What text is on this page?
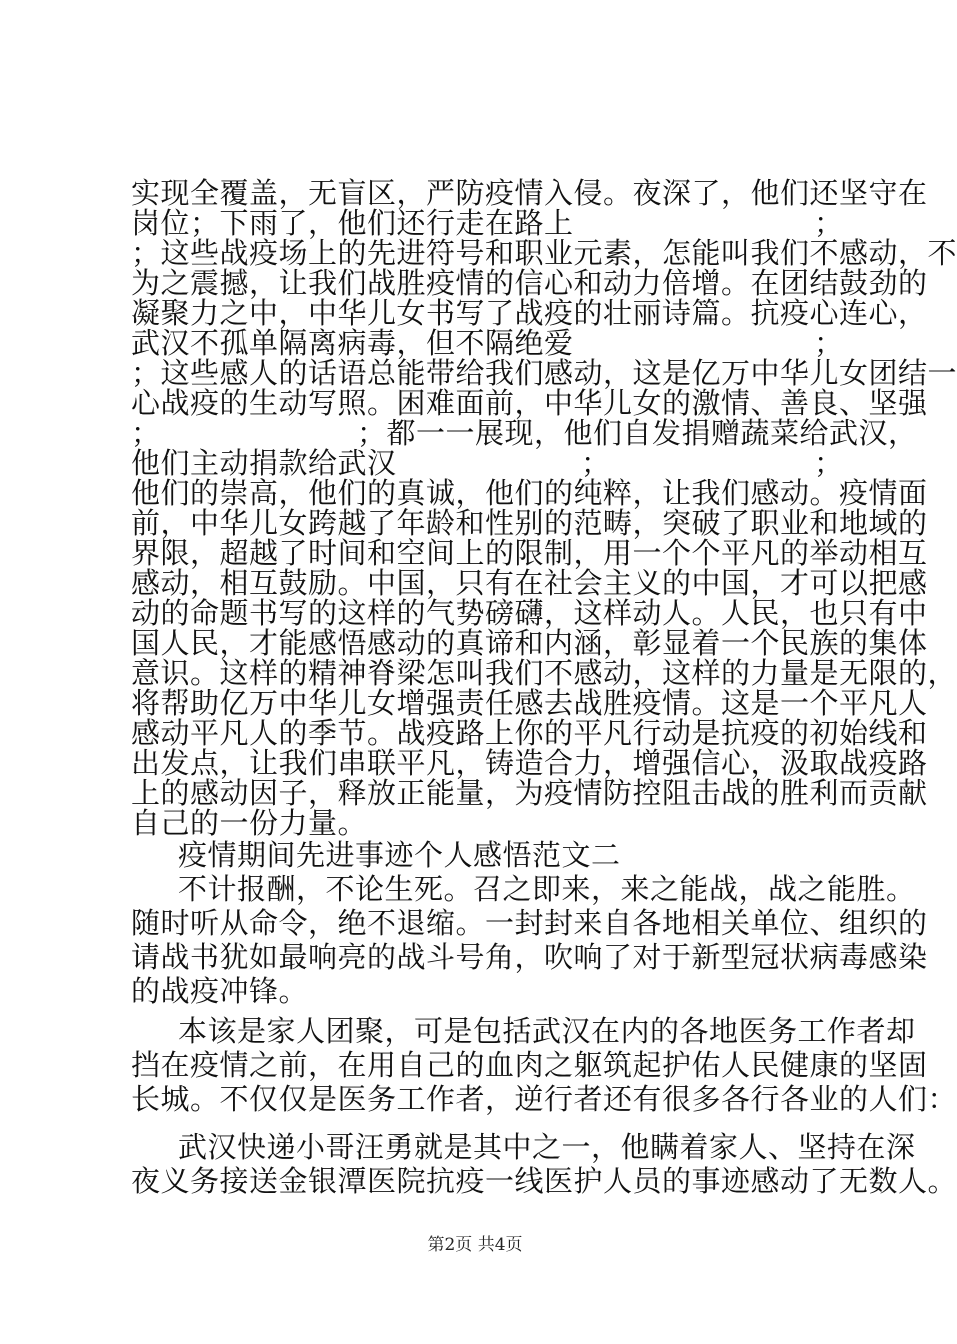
实现全覆盖，无盲区，严防疫情入侵。夜深了，他们还坚守在
岗位；下雨了，他们还行走在路上	；
；这些战疫场上的先进符号和职业元素，怎能叫我们不感动，不
为之震撼，让我们战胜疫情的信心和动力倍增。在团结鼓劲的
凝聚力之中，中华儿女书写了战疫的壮丽诗篇。抗疫心连心，
武汉不孤单隔离病毒，但不隔绝爱	；
；这些感人的话语总能带给我们感动，这是亿万中华儿女团结一
心战疫的生动写照。困难面前，中华儿女的激情、善良、坚强
；	；都一一展现，他们自发捐赠蔬菜给武汉，
他们主动捐款给武汉	；	；
他们的崇高，他们的真诚，他们的纯粹，让我们感动。疫情面
前，中华儿女跨越了年龄和性别的范畴，突破了职业和地域的
界限，超越了时间和空间上的限制，用一个个平凡的举动相互
感动，相互鼓励。中国，只有在社会主义的中国，才可以把感
动的命题书写的这样的气势磅礴，这样动人。人民，也只有中
国人民，才能感悟感动的真谛和内涵，彰显着一个民族的集体
意识。这样的精神脊梁怎叫我们不感动，这样的力量是无限的，
将帮助亿万中华儿女增强责任感去战胜疫情。这是一个平凡人
感动平凡人的季节。战疫路上你的平凡行动是抗疫的初始线和
出发点，让我们串联平凡，铸造合力，增强信心，汲取战疫路
上的感动因子，释放正能量，为疫情防控阻击战的胜利而贡献
自己的一份力量。
疫情期间先进事迹个人感悟范文二
不计报酬，不论生死。召之即来，来之能战，战之能胜。
随时听从命令，绝不退缩。一封封来自各地相关单位、组织的
请战书犹如最响亮的战斗号角，吹响了对于新型冠状病毒感染
的战疫冲锋。
本该是家人团聚，可是包括武汉在内的各地医务工作者却
挡在疫情之前，在用自己的血肉之躯筑起护佑人民健康的坚固
长城。不仅仅是医务工作者，逆行者还有很多各行各业的人们：
第2页 共4页
武汉快递小哥汪勇就是其中之一，他瞒着家人、坚持在深
夜义务接送金银潭医院抗疫一线医护人员的事迹感动了无数人。
